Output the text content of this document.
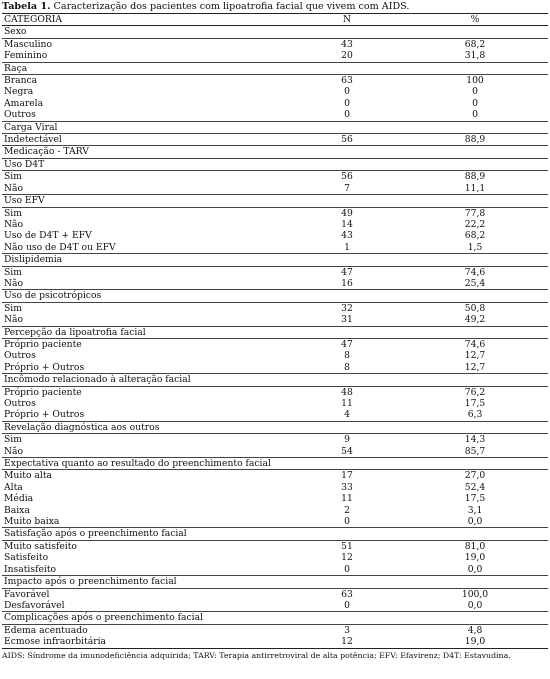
Tabela 1. Caracterização dos pacientes com lipoatrofia facial que vivem com AIDS.
CATEGORIA	N	%
Sexo		
Masculino	43	68,2
Feminino	20	31,8
Raça		
Branca	63	100
Negra	0	0
Amarela	0	0
Outros	0	0
Carga Viral		
Indetectável	56	88,9
Medicação - TARV		
Uso D4T		
Sim	56	88,9
Não	7	11,1
Uso EFV		
Sim	49	77,8
Não	14	22,2
Uso de D4T + EFV	43	68,2
Não uso de D4T ou EFV	1	1,5
Dislipidemia		
Sim	47	74,6
Não	16	25,4
Uso de psicotrópicos		
Sim	32	50,8
Não	31	49,2
Percepção da lipoatrofia facial		
Próprio paciente	47	74,6
Outros	8	12,7
Próprio + Outros	8	12,7
Incômodo relacionado à alteração facial		
Próprio paciente	48	76,2
Outros	11	17,5
Próprio + Outros	4	6,3
Revelação diagnóstica aos outros		
Sim	9	14,3
Não	54	85,7
Expectativa quanto ao resultado do preenchimento facial		
Muito alta	17	27,0
Alta	33	52,4
Média	11	17,5
Baixa	2	3,1
Muito baixa	0	0,0
Satisfação após o preenchimento facial		
Muito satisfeito	51	81,0
Satisfeito	12	19,0
Insatisfeito	0	0,0
Impacto após o preenchimento facial		
Favorável	63	100,0
Desfavorável	0	0,0
Complicações após o preenchimento facial		
Edema acentuado	3	4,8
Ecmose infraorbitária	12	19,0
AIDS: Síndrome da imunodeficiência adquirida; TARV: Terapia antirretroviral de alta potência; EFV: Efavirenz; D4T: Estavudina.
